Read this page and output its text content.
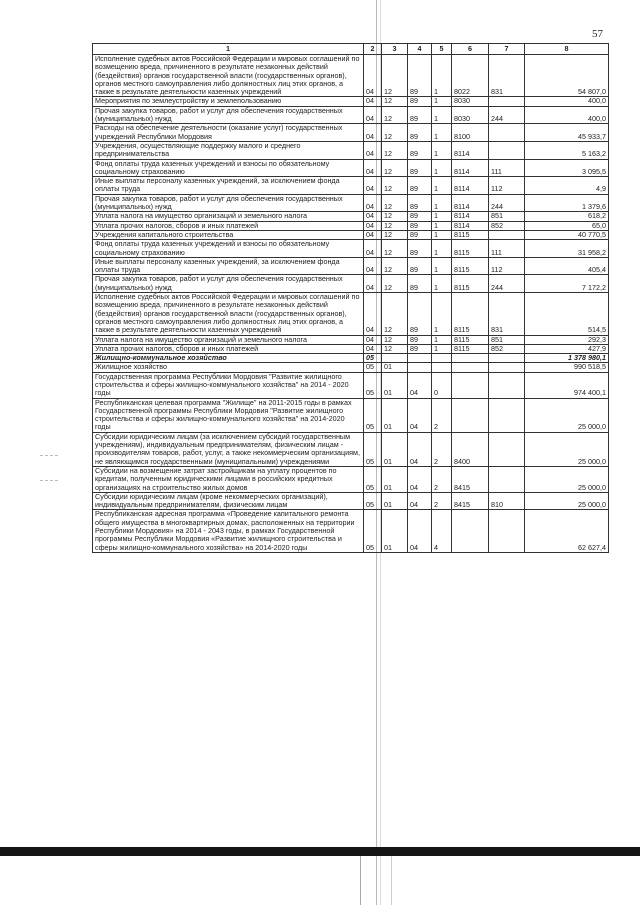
57
1	2	3	4	5	6	7	8
Исполнение судебных актов Российской Федерации и мировых соглашений по возмещению вреда, причиненного в результате незаконных действий (бездействия) органов государственной власти (государственных органов), органов местного самоуправления либо должностных лиц этих органов, а также в результате деятельности казенных учреждений	04	12	89	1	8022	831	54 807,0
Мероприятия по землеустройству и землепользованию	04	12	89	1	8030		400,0
Прочая закупка товаров, работ и услуг для обеспечения государственных (муниципальных) нужд	04	12	89	1	8030	244	400,0
Расходы на обеспечение деятельности (оказание услуг) государственных учреждений Республики Мордовия	04	12	89	1	8100		45 933,7
Учреждения, осуществляющие поддержку малого и среднего предпринимательства	04	12	89	1	8114		5 163,2
Фонд оплаты труда казенных учреждений и взносы по обязательному социальному страхованию	04	12	89	1	8114	111	3 095,5
Иные выплаты персоналу казенных учреждений, за исключением фонда оплаты труда	04	12	89	1	8114	112	4,9
Прочая закупка товаров, работ и услуг для обеспечения государственных (муниципальных) нужд	04	12	89	1	8114	244	1 379,6
Уплата налога на имущество организаций и земельного налога	04	12	89	1	8114	851	618,2
Уплата прочих налогов, сборов и иных платежей	04	12	89	1	8114	852	65,0
Учреждения капитального строительства	04	12	89	1	8115		40 770,5
Фонд оплаты труда казенных учреждений и взносы по обязательному социальному страхованию	04	12	89	1	8115	111	31 958,2
Иные выплаты персоналу казенных учреждений, за исключением фонда оплаты труда	04	12	89	1	8115	112	405,4
Прочая закупка товаров, работ и услуг для обеспечения государственных (муниципальных) нужд	04	12	89	1	8115	244	7 172,2
Исполнение судебных актов Российской Федерации и мировых соглашений по возмещению вреда, причиненного в результате незаконных действий (бездействия) органов государственной власти (государственных органов), органов местного самоуправления либо должностных лиц этих органов, а также в результате деятельности казенных учреждений	04	12	89	1	8115	831	514,5
Уплата налога на имущество организаций и земельного налога	04	12	89	1	8115	851	292,3
Уплата прочих налогов, сборов и иных платежей	04	12	89	1	8115	852	427,9
Жилищно-коммунальное хозяйство	05						1 378 980,1
Жилищное хозяйство	05	01					990 518,5
Государственная программа Республики Мордовия "Развитие жилищного строительства и сферы жилищно-коммунального хозяйства" на 2014 - 2020 годы	05	01	04	0			974 400,1
Республиканская целевая программа "Жилище" на 2011-2015 годы в рамках Государственной программы Республики Мордовия "Развитие жилищного строительства и сферы жилищно-коммунального хозяйства" на 2014-2020 годы	05	01	04	2			25 000,0
Субсидии юридическим лицам (за исключением субсидий государственным учреждениям), индивидуальным предпринимателям, физическим лицам - производителям товаров, работ, услуг, а также некоммерческим организациям, не являющимся государственными (муниципальными) учреждениями	05	01	04	2	8400		25 000,0
Субсидии на возмещение затрат застройщикам на уплату процентов по кредитам, полученным юридическими лицами в российских кредитных организациях на строительство жилых домов	05	01	04	2	8415		25 000,0
Субсидии юридическим лицам (кроме некоммерческих организаций), индивидуальным предпринимателям, физическим лицам	05	01	04	2	8415	810	25 000,0
Республиканская адресная программа «Проведение капитального ремонта общего имущества в многоквартирных домах, расположенных на территории Республики Мордовия» на 2014 - 2043 годы, в рамках Государственной программы Республики Мордовия «Развитие жилищного строительства и сферы жилищно-коммунального хозяйства» на 2014-2020 годы	05	01	04	4			62 627,4
